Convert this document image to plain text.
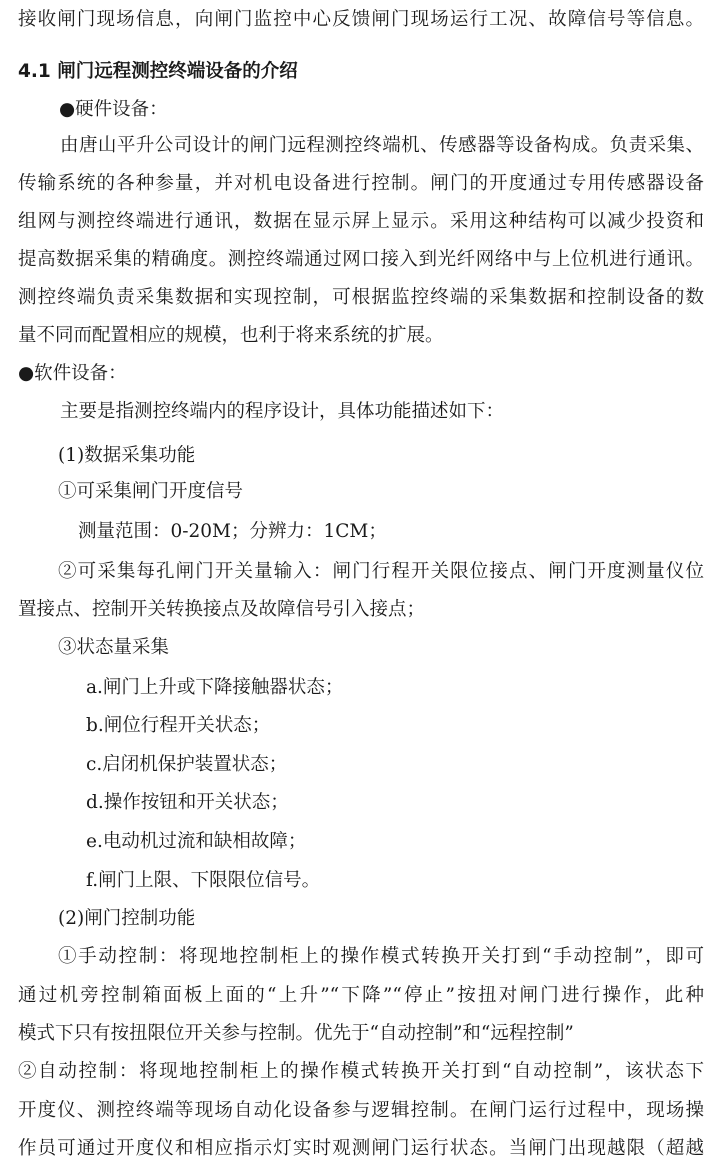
接收闸门现场信息，向闸门监控中心反馈闸门现场运行工况、故障信号等信息。
4.1 闸门远程测控终端设备的介绍
●硬件设备：
由唐山平升公司设计的闸门远程测控终端机、传感器等设备构成。负责采集、
传输系统的各种参量，并对机电设备进行控制。闸门的开度通过专用传感器设备
组网与测控终端进行通讯，数据在显示屏上显示。采用这种结构可以减少投资和
提高数据采集的精确度。测控终端通过网口接入到光纤网络中与上位机进行通讯。
测控终端负责采集数据和实现控制，可根据监控终端的采集数据和控制设备的数
量不同而配置相应的规模，也利于将来系统的扩展。
●软件设备：
主要是指测控终端内的程序设计，具体功能描述如下：
(1)数据采集功能
①可采集闸门开度信号
测量范围：0-20M；分辨力：1CM；
②可采集每孔闸门开关量输入：闸门行程开关限位接点、闸门开度测量仪位
置接点、控制开关转换接点及故障信号引入接点；
③状态量采集
a.闸门上升或下降接触器状态；
b.闸位行程开关状态；
c.启闭机保护装置状态；
d.操作按钮和开关状态；
e.电动机过流和缺相故障；
f.闸门上限、下限限位信号。
(2)闸门控制功能
①手动控制：将现地控制柜上的操作模式转换开关打到“手动控制”，即可
通过机旁控制箱面板上面的“上升”“下降”“停止”按扭对闸门进行操作，此种
模式下只有按扭限位开关参与控制。优先于“自动控制”和“远程控制”
②自动控制：将现地控制柜上的操作模式转换开关打到“自动控制”，该状态下
开度仪、测控终端等现场自动化设备参与逻辑控制。在闸门运行过程中，现场操
作员可通过开度仪和相应指示灯实时观测闸门运行状态。当闸门出现越限（超越
